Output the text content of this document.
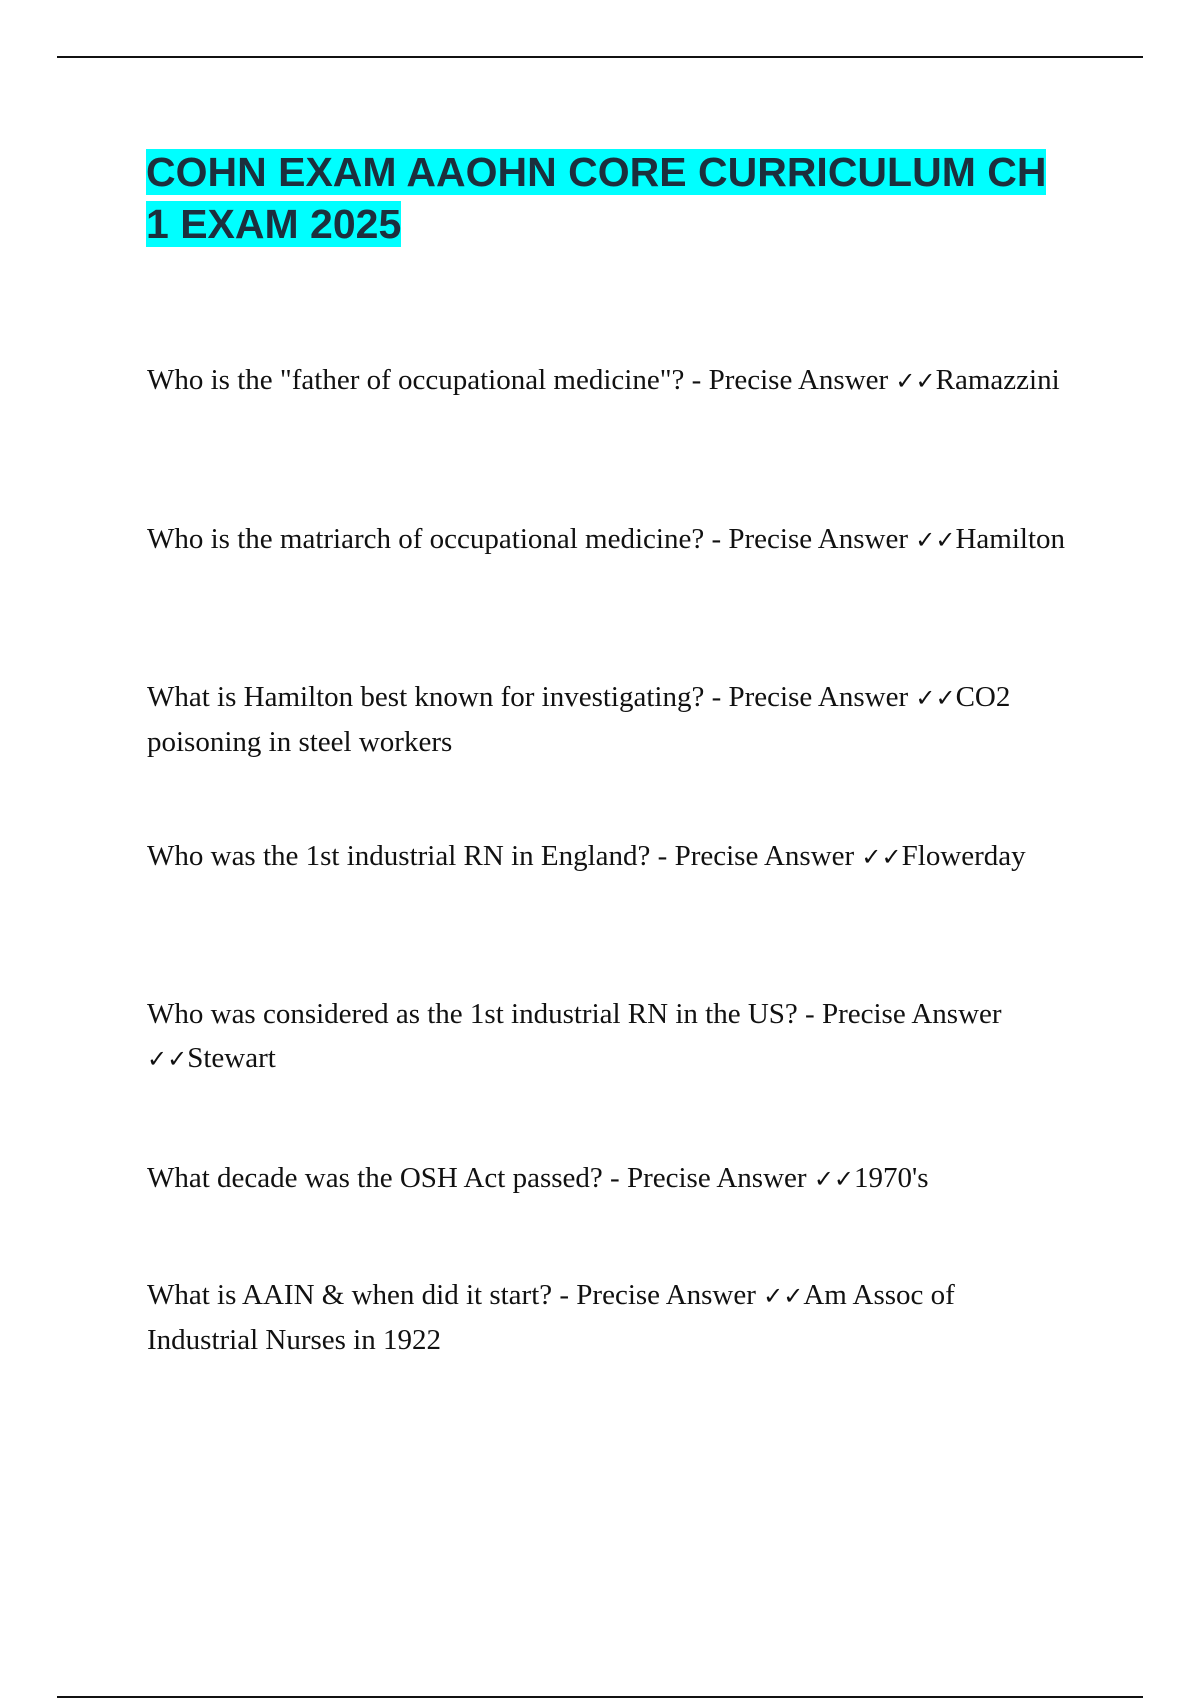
COHN EXAM AAOHN CORE CURRICULUM CH 1 EXAM 2025
Who is the "father of occupational medicine"? - Precise Answer ✓✓Ramazzini
Who is the matriarch of occupational medicine? - Precise Answer ✓✓Hamilton
What is Hamilton best known for investigating? - Precise Answer ✓✓CO2 poisoning in steel workers
Who was the 1st industrial RN in England? - Precise Answer ✓✓Flowerday
Who was considered as the 1st industrial RN in the US? - Precise Answer ✓✓Stewart
What decade was the OSH Act passed? - Precise Answer ✓✓1970's
What is AAIN & when did it start? - Precise Answer ✓✓Am Assoc of Industrial Nurses in 1922
